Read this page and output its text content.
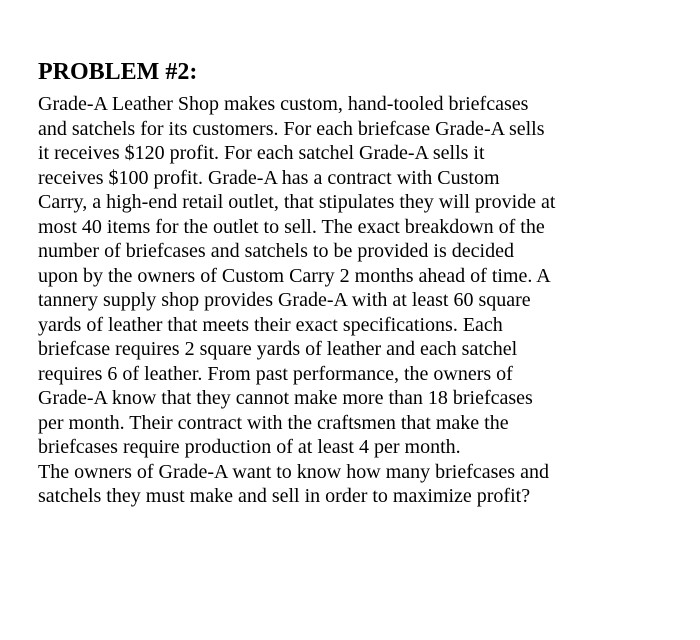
PROBLEM #2:
Grade-A Leather Shop makes custom, hand-tooled briefcases
and satchels for its customers. For each briefcase Grade-A sells
it receives $120 profit. For each satchel Grade-A sells it
receives $100 profit. Grade-A has a contract with Custom
Carry, a high-end retail outlet, that stipulates they will provide at
most 40 items for the outlet to sell. The exact breakdown of the
number of briefcases and satchels to be provided is decided
upon by the owners of Custom Carry 2 months ahead of time. A
tannery supply shop provides Grade-A with at least 60 square
yards of leather that meets their exact specifications. Each
briefcase requires 2 square yards of leather and each satchel
requires 6 of leather. From past performance, the owners of
Grade-A know that they cannot make more than 18 briefcases
per month. Their contract with the craftsmen that make the
briefcases require production of at least 4 per month.
The owners of Grade-A want to know how many briefcases and
satchels they must make and sell in order to maximize profit?
